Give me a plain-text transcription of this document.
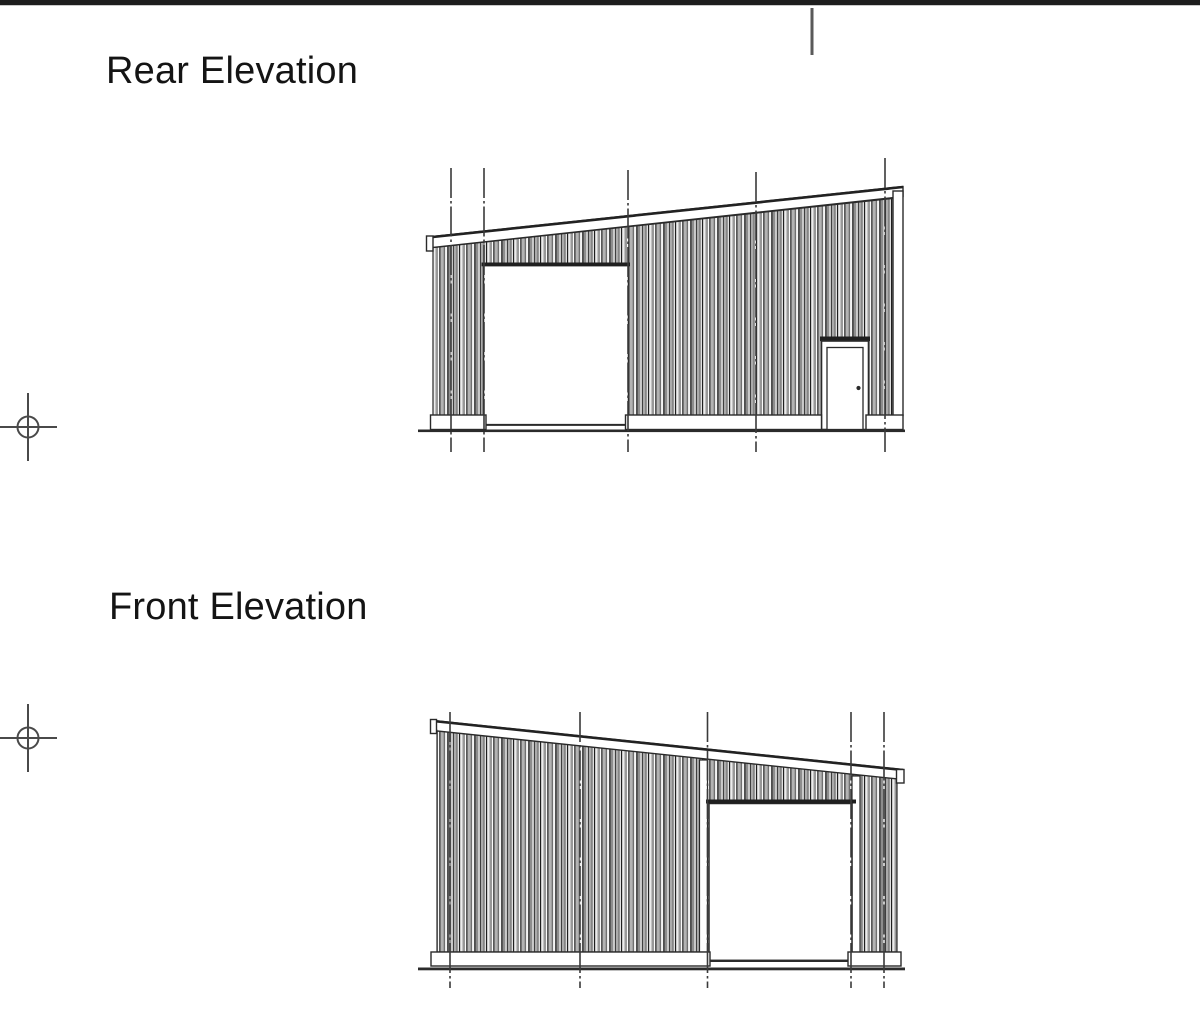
Rear Elevation
Front Elevation
